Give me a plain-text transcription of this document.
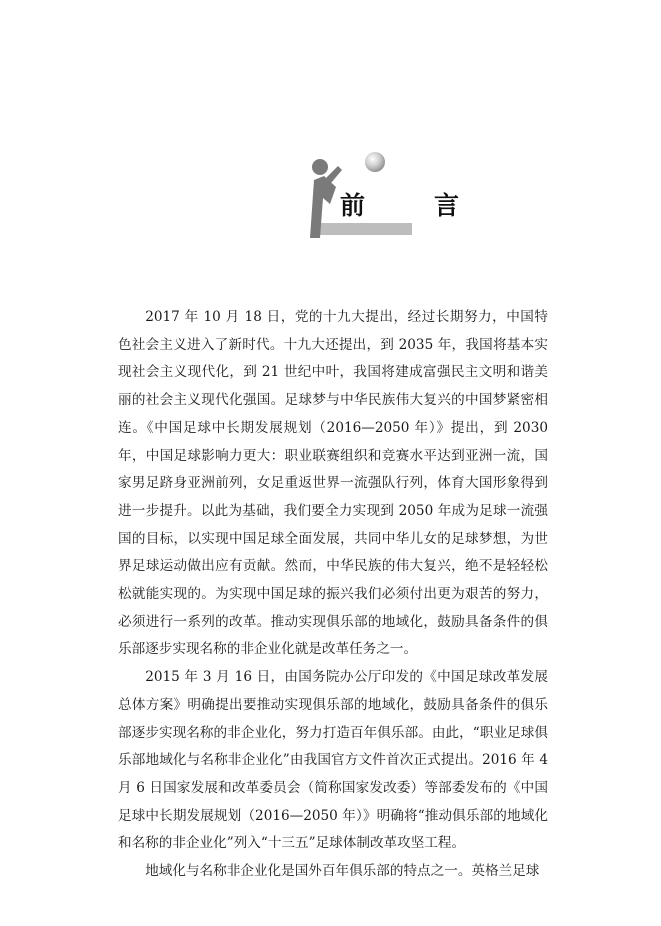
前　言

2017 年 10 月 18 日，党的十九大提出，经过长期努力，中国特色社会主义进入了新时代。十九大还提出，到 2035 年，我国将基本实现社会主义现代化，到 21 世纪中叶，我国将建成富强民主文明和谐美丽的社会主义现代化强国。足球梦与中华民族伟大复兴的中国梦紧密相连。《中国足球中长期发展规划（2016—2050 年）》提出，到 2030 年，中国足球影响力更大：职业联赛组织和竞赛水平达到亚洲一流，国家男足跻身亚洲前列，女足重返世界一流强队行列，体育大国形象得到进一步提升。以此为基础，我们要全力实现到 2050 年成为足球一流强国的目标，以实现中国足球全面发展，共同中华儿女的足球梦想，为世界足球运动做出应有贡献。然而，中华民族的伟大复兴，绝不是轻轻松松就能实现的。为实现中国足球的振兴我们必须付出更为艰苦的努力，必须进行一系列的改革。推动实现俱乐部的地域化，鼓励具备条件的俱乐部逐步实现名称的非企业化就是改革任务之一。

2015 年 3 月 16 日，由国务院办公厅印发的《中国足球改革发展总体方案》明确提出要推动实现俱乐部的地域化，鼓励具备条件的俱乐部逐步实现名称的非企业化，努力打造百年俱乐部。由此，“职业足球俱乐部地域化与名称非企业化”由我国官方文件首次正式提出。2016 年 4 月 6 日国家发展和改革委员会（简称国家发改委）等部委发布的《中国足球中长期发展规划（2016—2050 年）》明确将“推动俱乐部的地域化和名称的非企业化”列入“十三五”足球体制改革攻坚工程。

地域化与名称非企业化是国外百年俱乐部的特点之一。英格兰足球
